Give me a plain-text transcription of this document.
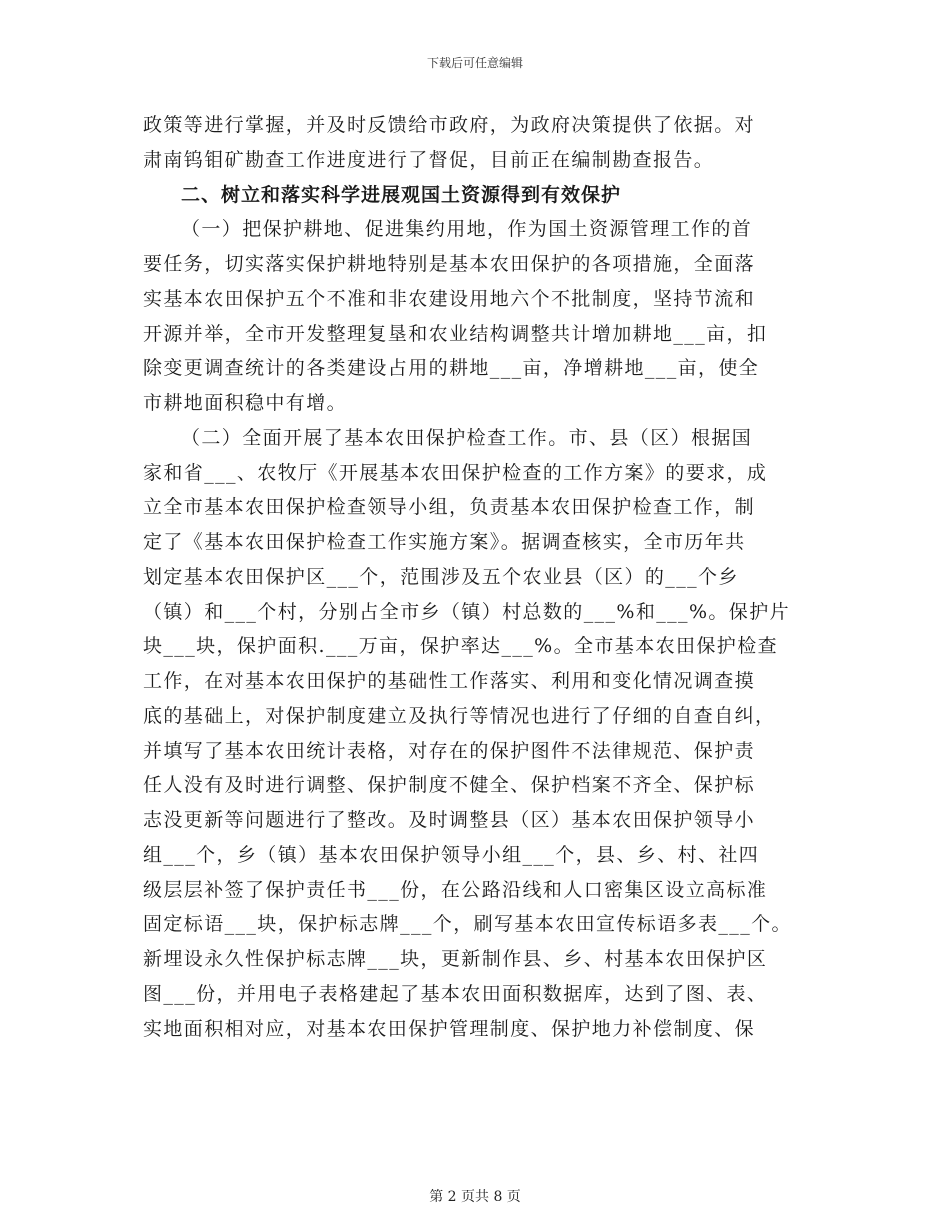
下载后可任意编辑
政策等进行掌握，并及时反馈给市政府，为政府决策提供了依据。对
肃南钨钼矿勘查工作进度进行了督促，目前正在编制勘查报告。
二、树立和落实科学进展观国土资源得到有效保护
（一）把保护耕地、促进集约用地，作为国土资源管理工作的首
要任务，切实落实保护耕地特别是基本农田保护的各项措施，全面落
实基本农田保护五个不准和非农建设用地六个不批制度，坚持节流和
开源并举，全市开发整理复垦和农业结构调整共计增加耕地___亩，扣
除变更调查统计的各类建设占用的耕地___亩，净增耕地___亩，使全
市耕地面积稳中有增。
（二）全面开展了基本农田保护检查工作。市、县（区）根据国
家和省___、农牧厅《开展基本农田保护检查的工作方案》的要求，成
立全市基本农田保护检查领导小组，负责基本农田保护检查工作，制
定了《基本农田保护检查工作实施方案》。据调查核实，全市历年共
划定基本农田保护区___个，范围涉及五个农业县（区）的___个乡
（镇）和___个村，分别占全市乡（镇）村总数的___%和___%。保护片
块___块，保护面积.___万亩，保护率达___%。全市基本农田保护检查
工作，在对基本农田保护的基础性工作落实、利用和变化情况调查摸
底的基础上，对保护制度建立及执行等情况也进行了仔细的自查自纠，
并填写了基本农田统计表格，对存在的保护图件不法律规范、保护责
任人没有及时进行调整、保护制度不健全、保护档案不齐全、保护标
志没更新等问题进行了整改。及时调整县（区）基本农田保护领导小
组___个，乡（镇）基本农田保护领导小组___个，县、乡、村、社四
级层层补签了保护责任书___份，在公路沿线和人口密集区设立高标准
固定标语___块，保护标志牌___个，刷写基本农田宣传标语多表___个。
新埋设永久性保护标志牌___块，更新制作县、乡、村基本农田保护区
图___份，并用电子表格建起了基本农田面积数据库，达到了图、表、
实地面积相对应，对基本农田保护管理制度、保护地力补偿制度、保
第 2 页共 8 页
